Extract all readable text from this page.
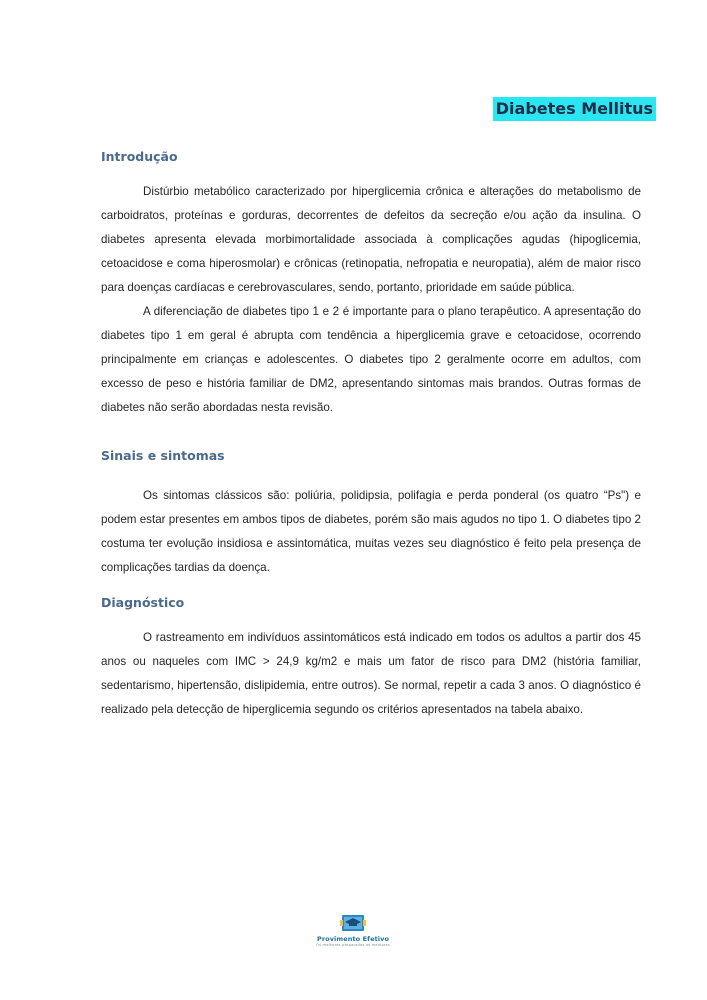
Diabetes Mellitus
Introdução

Distúrbio metabólico caracterizado por hiperglicemia crônica e alterações do metabolismo de carboidratos, proteínas e gorduras, decorrentes de defeitos da secreção e/ou ação da insulina. O diabetes apresenta elevada morbimortalidade associada à complicações agudas (hipoglicemia, cetoacidose e coma hiperosmolar) e crônicas (retinopatia, nefropatia e neuropatia), além de maior risco para doenças cardíacas e cerebrovasculares, sendo, portanto, prioridade em saúde pública.

A diferenciação de diabetes tipo 1 e 2 é importante para o plano terapêutico. A apresentação do diabetes tipo 1 em geral é abrupta com tendência a hiperglicemia grave e cetoacidose, ocorrendo principalmente em crianças e adolescentes. O diabetes tipo 2 geralmente ocorre em adultos, com excesso de peso e história familiar de DM2, apresentando sintomas mais brandos. Outras formas de diabetes não serão abordadas nesta revisão.

Sinais e sintomas

Os sintomas clássicos são: poliúria, polidipsia, polifagia e perda ponderal (os quatro “Ps") e podem estar presentes em ambos tipos de diabetes, porém são mais agudos no tipo 1. O diabetes tipo 2 costuma ter evolução insidiosa e assintomática, muitas vezes seu diagnóstico é feito pela presença de complicações tardias da doença.

Diagnóstico

O rastreamento em indivíduos assintomáticos está indicado em todos os adultos a partir dos 45 anos ou naqueles com IMC > 24,9 kg/m2 e mais um fator de risco para DM2 (história familiar, sedentarismo, hipertensão, dislipidemia, entre outros). Se normal, repetir a cada 3 anos. O diagnóstico é realizado pela detecção de hiperglicemia segundo os critérios apresentados na tabela abaixo.

Provimento Efetivo
Os melhores preparados os melhores
